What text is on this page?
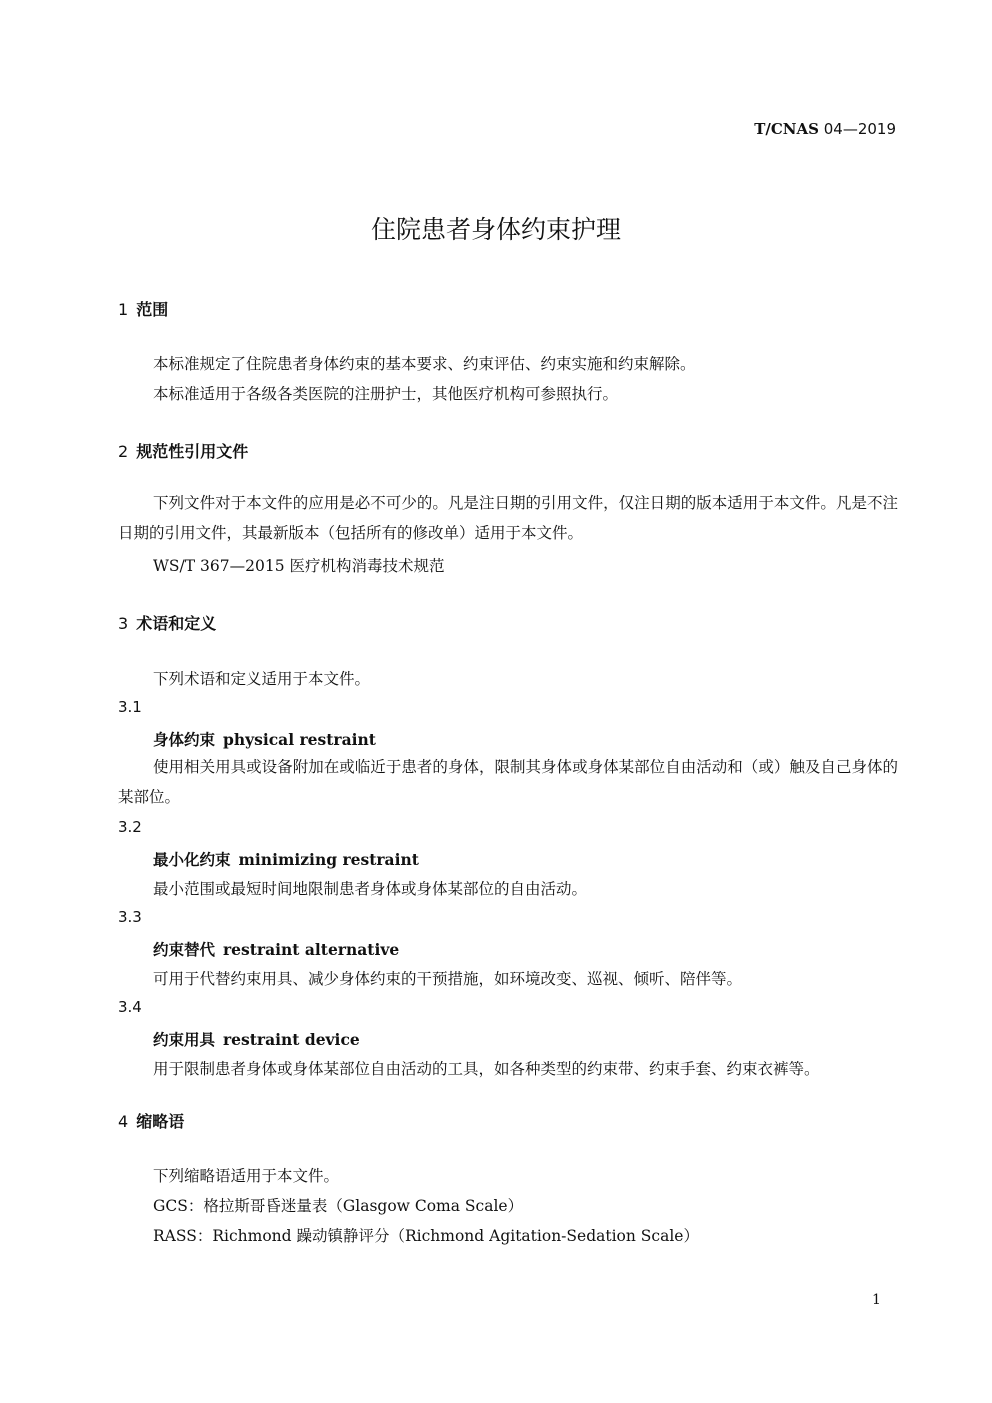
T/CNAS 04—2019
住院患者身体约束护理
1 范围
本标准规定了住院患者身体约束的基本要求、约束评估、约束实施和约束解除。
本标准适用于各级各类医院的注册护士，其他医疗机构可参照执行。
2 规范性引用文件
下列文件对于本文件的应用是必不可少的。凡是注日期的引用文件，仅注日期的版本适用于本文件。凡是不注日期的引用文件，其最新版本（包括所有的修改单）适用于本文件。
WS/T 367—2015 医疗机构消毒技术规范
3 术语和定义
下列术语和定义适用于本文件。
3.1
身体约束 physical restraint
使用相关用具或设备附加在或临近于患者的身体，限制其身体或身体某部位自由活动和（或）触及自己身体的某部位。
3.2
最小化约束 minimizing restraint
最小范围或最短时间地限制患者身体或身体某部位的自由活动。
3.3
约束替代 restraint alternative
可用于代替约束用具、减少身体约束的干预措施，如环境改变、巡视、倾听、陪伴等。
3.4
约束用具 restraint device
用于限制患者身体或身体某部位自由活动的工具，如各种类型的约束带、约束手套、约束衣裤等。
4 缩略语
下列缩略语适用于本文件。
GCS：格拉斯哥昏迷量表（Glasgow Coma Scale）
RASS：Richmond 躁动镇静评分（Richmond Agitation-Sedation Scale）
1
